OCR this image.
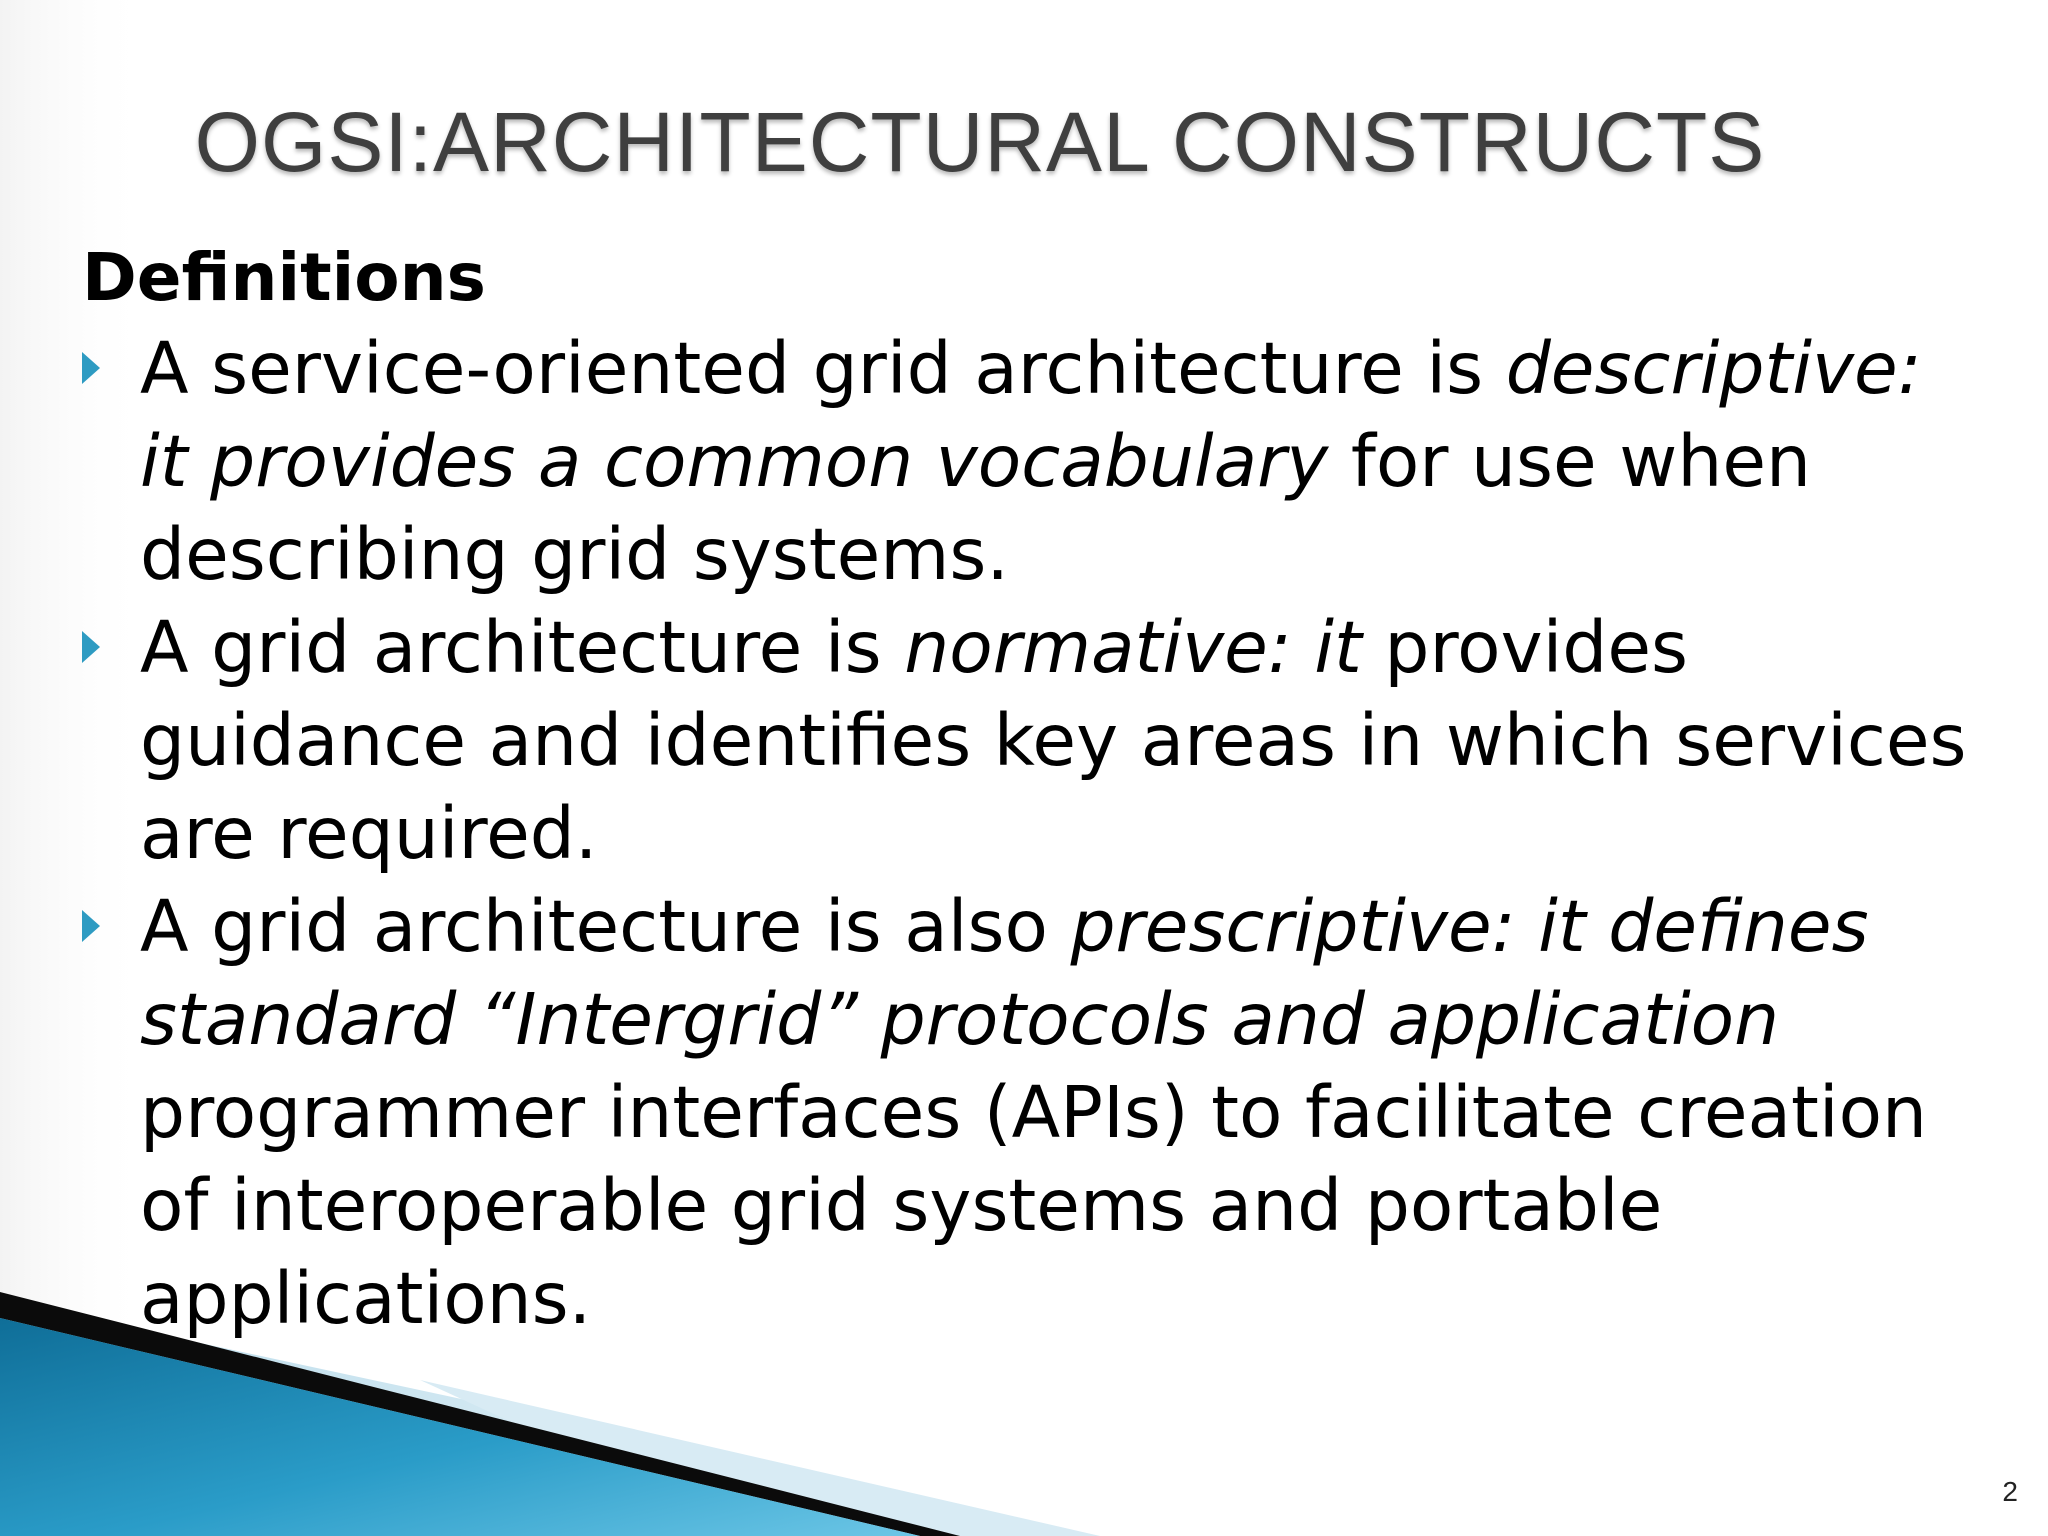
OGSI:ARCHITECTURAL CONSTRUCTS
Definitions
A service-oriented grid architecture is descriptive: it provides a common vocabulary for use when describing grid systems.
A grid architecture is normative: it provides guidance and identifies key areas in which services are required.
A grid architecture is also prescriptive: it defines standard “Intergrid” protocols and application programmer interfaces (APIs) to facilitate creation of interoperable grid systems and portable applications.
2
